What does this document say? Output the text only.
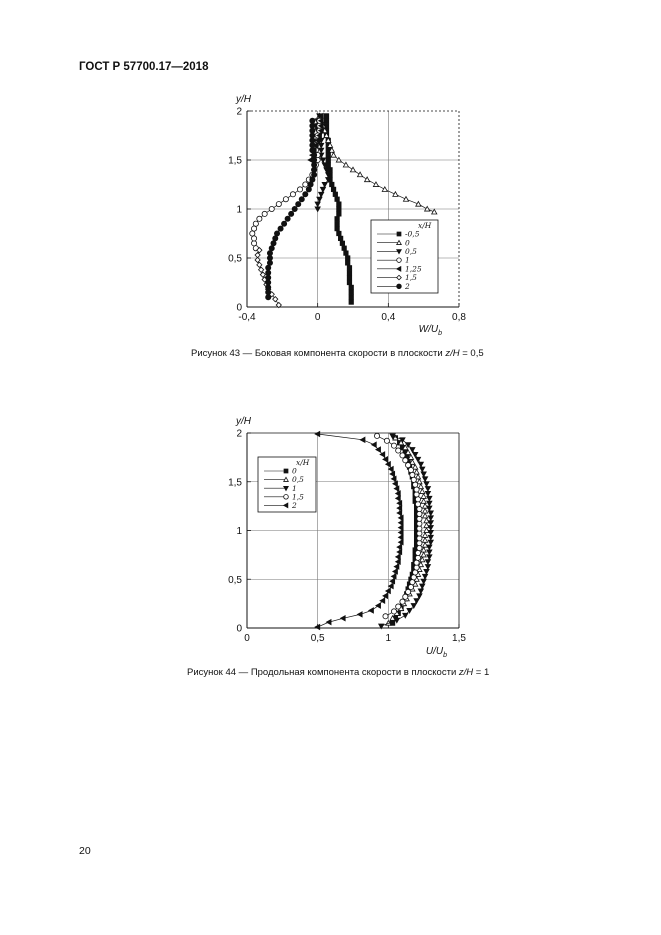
ГОСТ Р 57700.17—2018
-0,4	0	0,4	0,8
0
0,5
1
1,5
2
y/H
$W/U_b$
x/H
-0,5
0
0,5
1
1,25
1,5
2
0	0,5	1	1,5
0
0,5
1
1,5
2
y/H
$U/U_b$
x/H
0
0,5
1
1,5
2
Рисунок 43 — Боковая компонента скорости в плоскости z/H = 0,5
Рисунок 44 — Продольная компонента скорости в плоскости z/H = 1
20
